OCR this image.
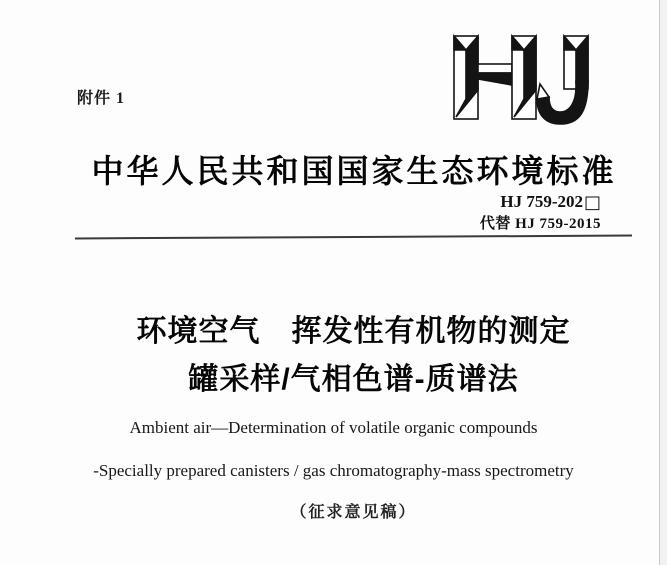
附件 1
中华人民共和国国家生态环境标准
HJ 759-202□
代替 HJ 759-2015
环境空气　挥发性有机物的测定
罐采样/气相色谱-质谱法

Ambient air—Determination of volatile organic compounds

-Specially prepared canisters / gas chromatography-mass spectrometry

（征求意见稿）
